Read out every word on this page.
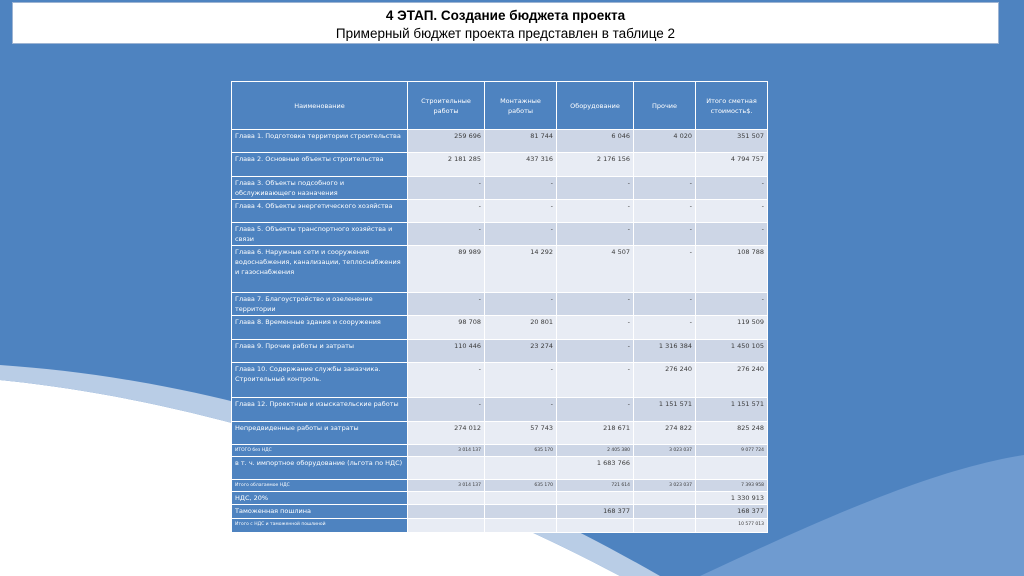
4 ЭТАП. Создание бюджета проекта
Примерный бюджет проекта представлен в таблице 2
Наименование	Строительные работы	Монтажные работы	Оборудование	Прочие	Итого сметная стоимость$.
Глава 1. Подготовка территории строительства	259 696	81 744	6 046	4 020	351 507
Глава 2. Основные объекты строительства	2 181 285	437 316	2 176 156		4 794 757
Глава 3. Объекты подсобного и обслуживающего назначения	-	-	-	-	-
Глава 4. Объекты энергетического хозяйства	-	-	-	-	-
Глава 5. Объекты транспортного хозяйства и связи	-	-	-	-	-
Глава 6. Наружные сети и сооружения водоснабжения, канализации, теплоснабжения и газоснабжения	89 989	14 292	4 507	-	108 788
Глава 7. Благоустройство и озеленение территории	-	-	-	-	-
Глава 8. Временные здания и сооружения	98 708	20 801	-	-	119 509
Глава 9. Прочие работы и затраты	110 446	23 274	-	1 316 384	1 450 105
Глава 10. Содержание службы заказчика. Строительный контроль.	-	-	-	276 240	276 240
Глава 12. Проектные и изыскательские работы	-	-	-	1 151 571	1 151 571
Непредвиденные работы и затраты	274 012	57 743	218 671	274 822	825 248
ИТОГО без НДС	3 014 137	635 170	2 405 380	3 023 037	9 077 724
в т. ч. импортное оборудование (льгота по НДС)			1 683 766		
Итого облагаемое НДС	3 014 137	635 170	721 614	3 023 037	7 393 958
НДС, 20%					1 330 913
Таможенная пошлина			168 377		168 377
Итого с НДС и таможенной пошлиной					10 577 013
